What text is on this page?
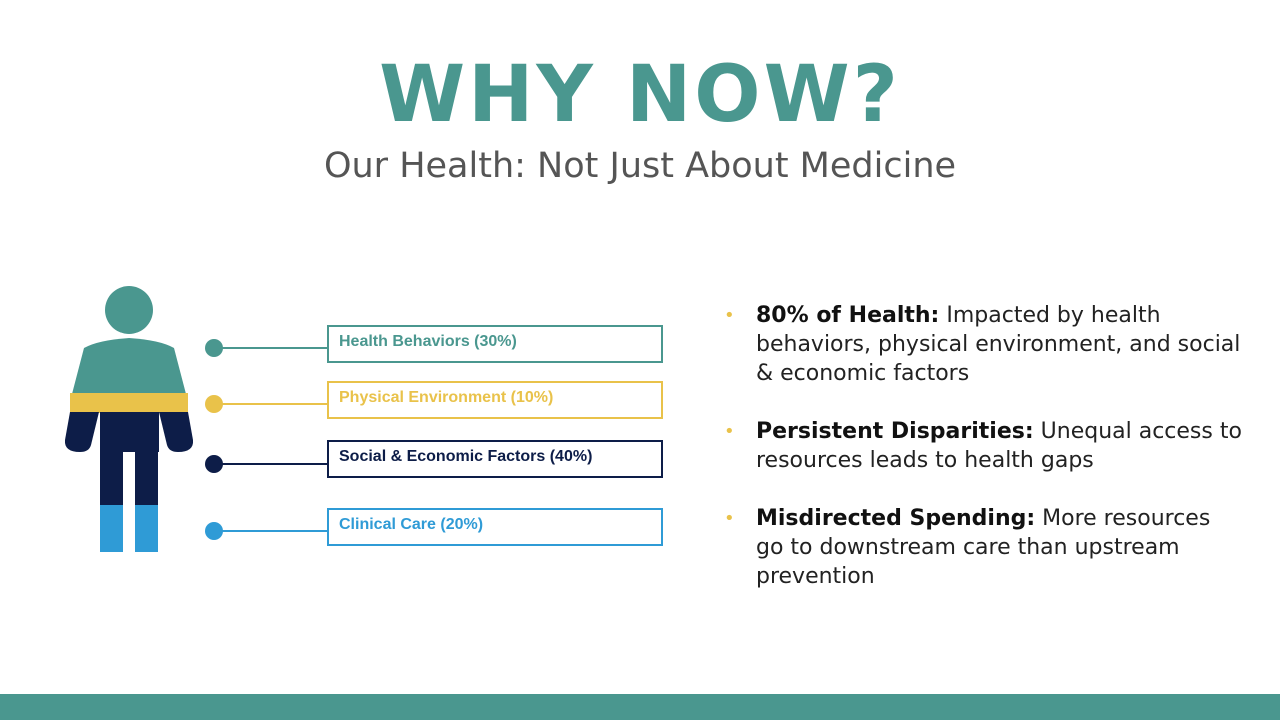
WHY NOW?
Our Health: Not Just About Medicine
Health Behaviors (30%)
Physical Environment (10%)
Social & Economic Factors (40%)
Clinical Care (20%)
• 80% of Health: Impacted by health behaviors, physical environment, and social & economic factors
• Persistent Disparities: Unequal access to resources leads to health gaps
• Misdirected Spending: More resources go to downstream care than upstream prevention
